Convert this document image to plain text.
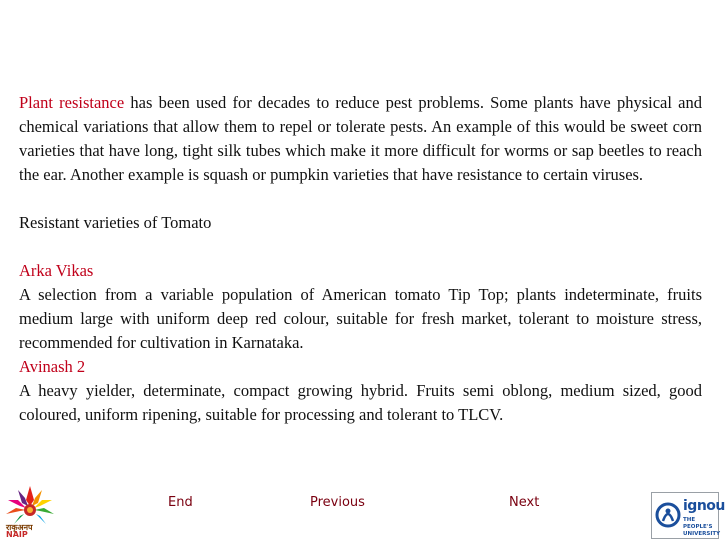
Plant resistance has been used for decades to reduce pest problems. Some plants have physical and chemical variations that allow them to repel or tolerate pests. An example of this would be sweet corn varieties that have long, tight silk tubes which make it more difficult for worms or sap beetles to reach the ear. Another example is squash or pumpkin varieties that have resistance to certain viruses.

Resistant varieties of Tomato

Arka Vikas

A selection from a variable population of American tomato Tip Top; plants indeterminate, fruits medium large with uniform deep red colour, suitable for fresh market, tolerant to moisture stress, recommended for cultivation in Karnataka.

Avinash 2

A heavy yielder, determinate, compact growing hybrid. Fruits semi oblong, medium sized, good coloured, uniform ripening, suitable for processing and tolerant to TLCV.

राकृअनप
NAIP
End	Previous	Next	ignou
THE PEOPLE'S
UNIVERSITY
